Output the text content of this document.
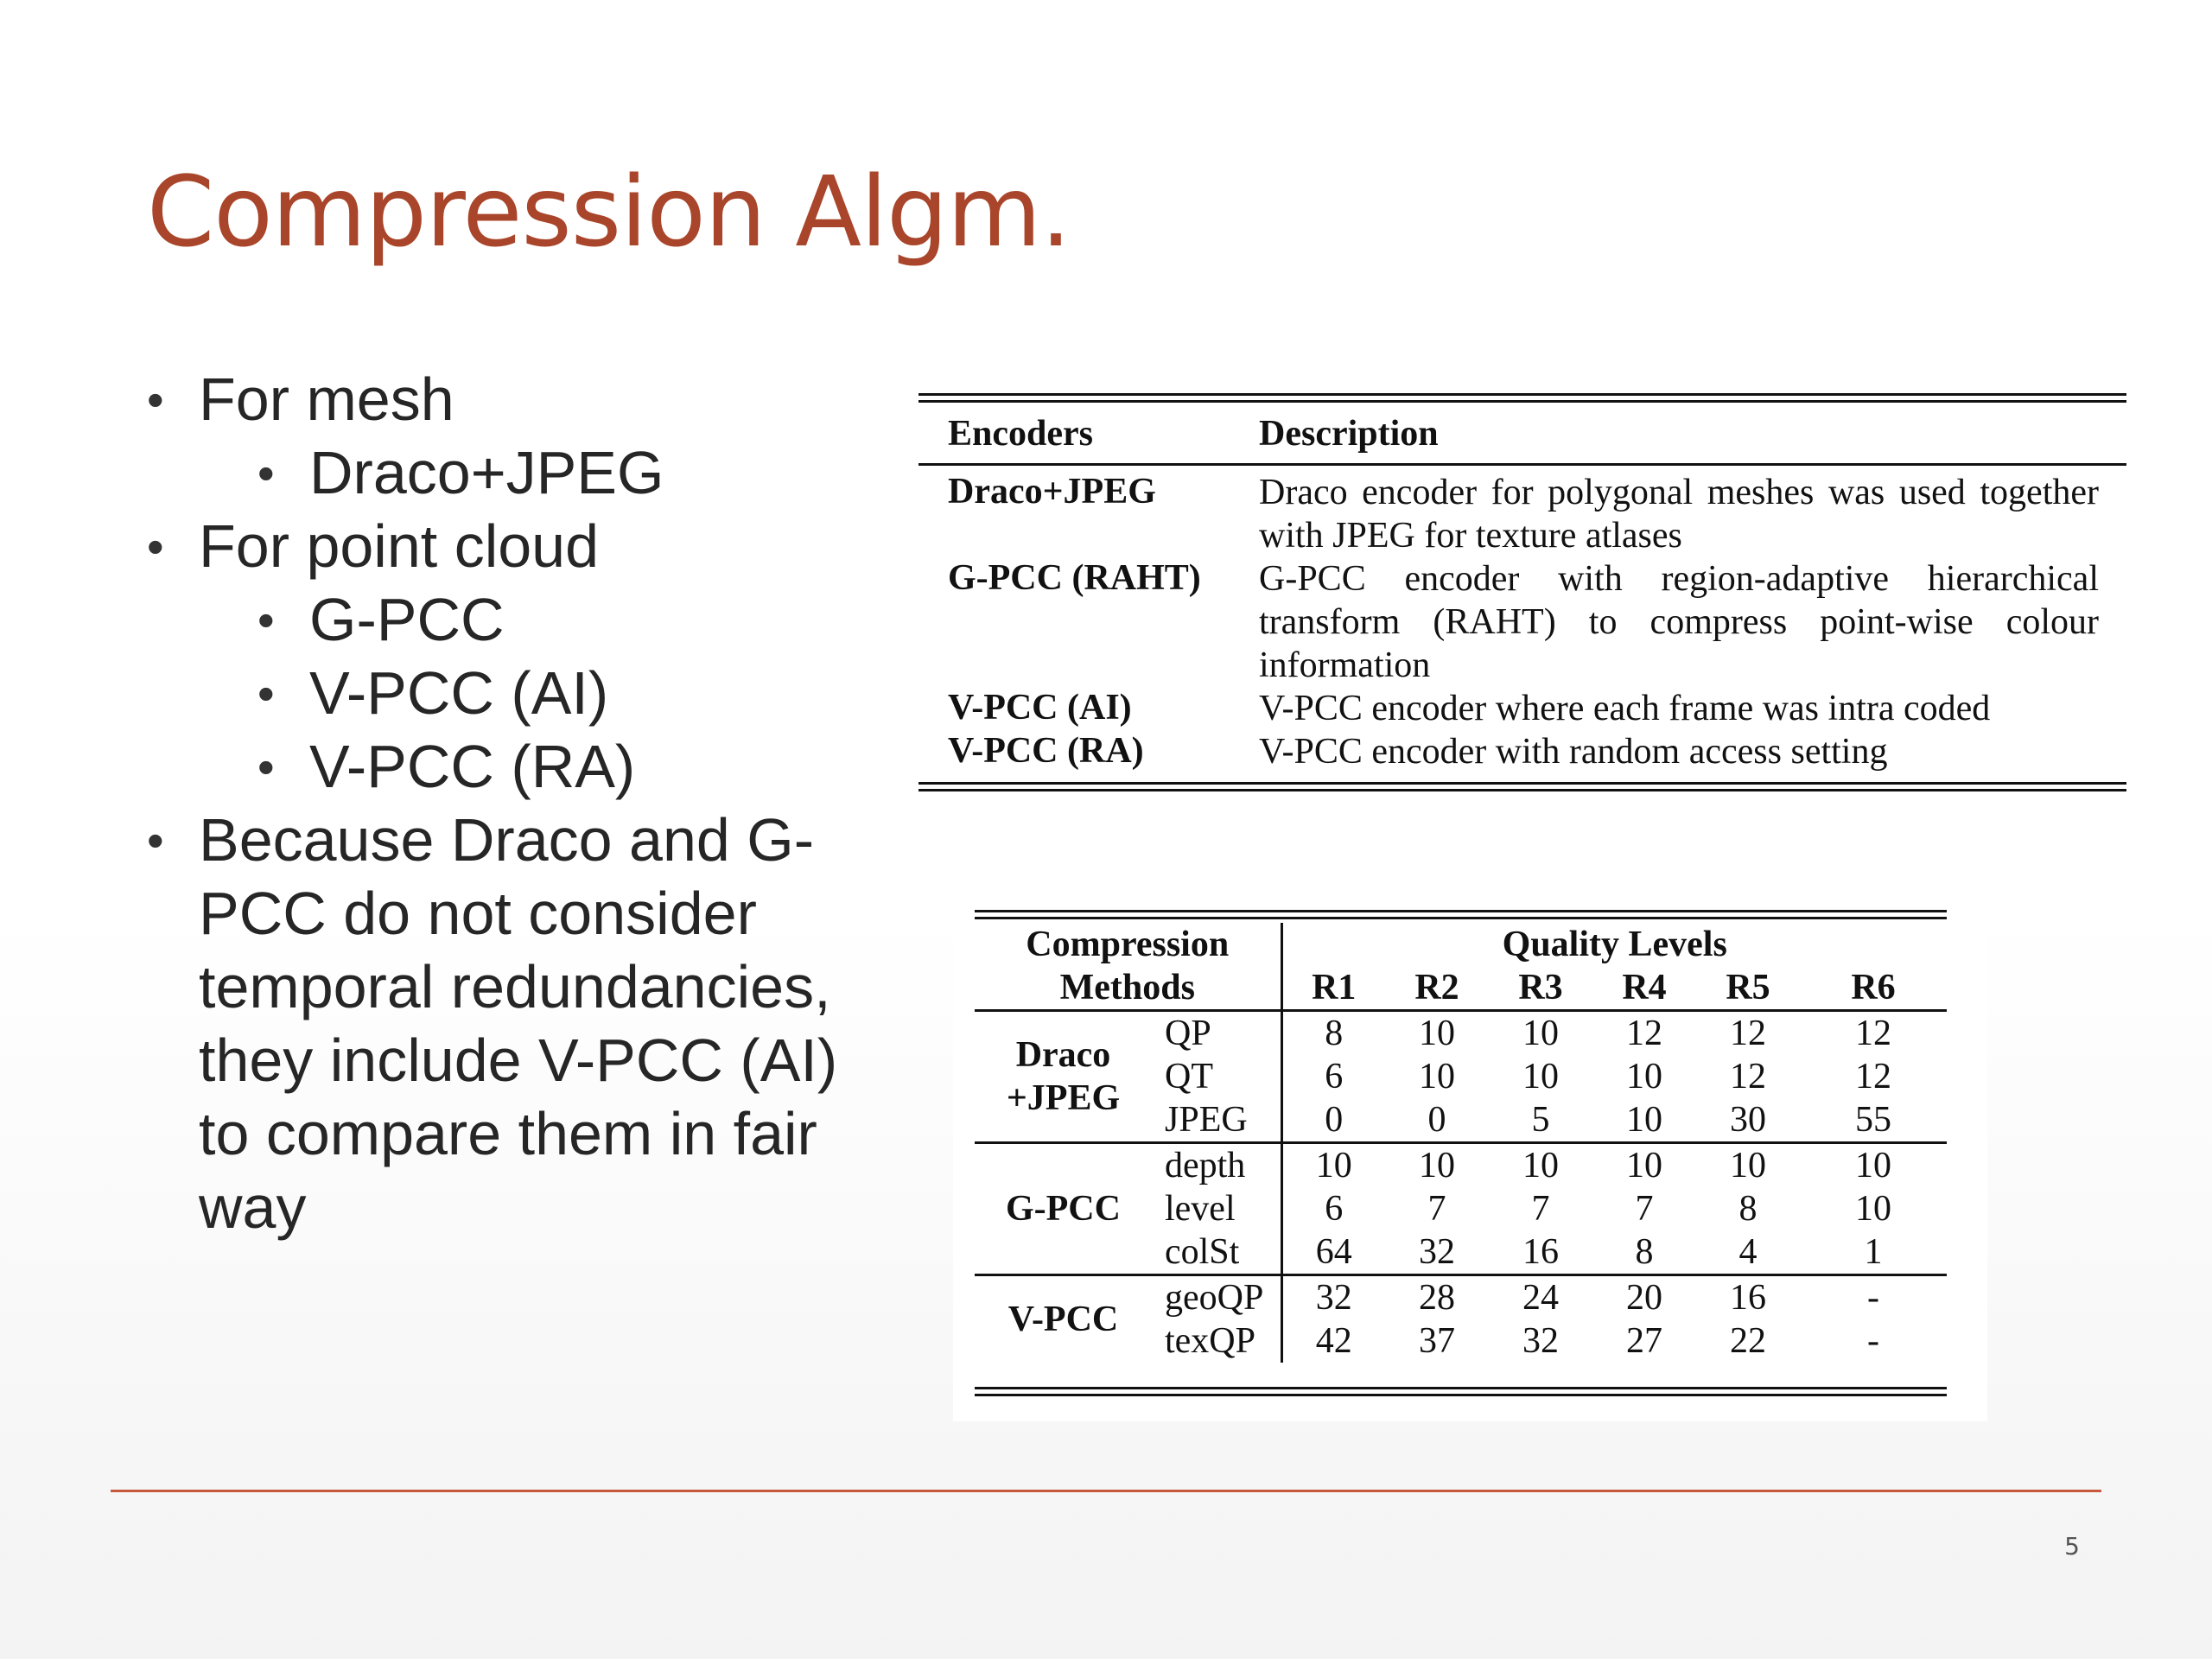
Compression Algm.
• For mesh
• Draco+JPEG
• For point cloud
• G-PCC
• V-PCC (AI)
• V-PCC (RA)
• Because Draco and G-PCC do not consider temporal redundancies, they include V-PCC (AI) to compare them in fair way
Encoders	Description
Draco+JPEG	Draco encoder for polygonal meshes was used together with JPEG for texture atlases
G-PCC (RAHT)	G-PCC encoder with region-adaptive hierarchical transform (RAHT) to compress point-wise colour information
V-PCC (AI)	V-PCC encoder where each frame was intra coded
V-PCC (RA)	V-PCC encoder with random access setting
Compression		Quality Levels					
Methods		R1	R2	R3	R4	R5	R6

Draco
+JPEG	QP	8	10	10	12	12	12
	QT	6	10	10	10	12	12
	JPEG	0	0	5	10	30	55
G-PCC	depth	10	10	10	10	10	10
	level	6	7	7	7	8	10
	colSt	64	32	16	8	4	1
V-PCC	geoQP	32	28	24	20	16	-
	texQP	42	37	32	27	22	-
5
